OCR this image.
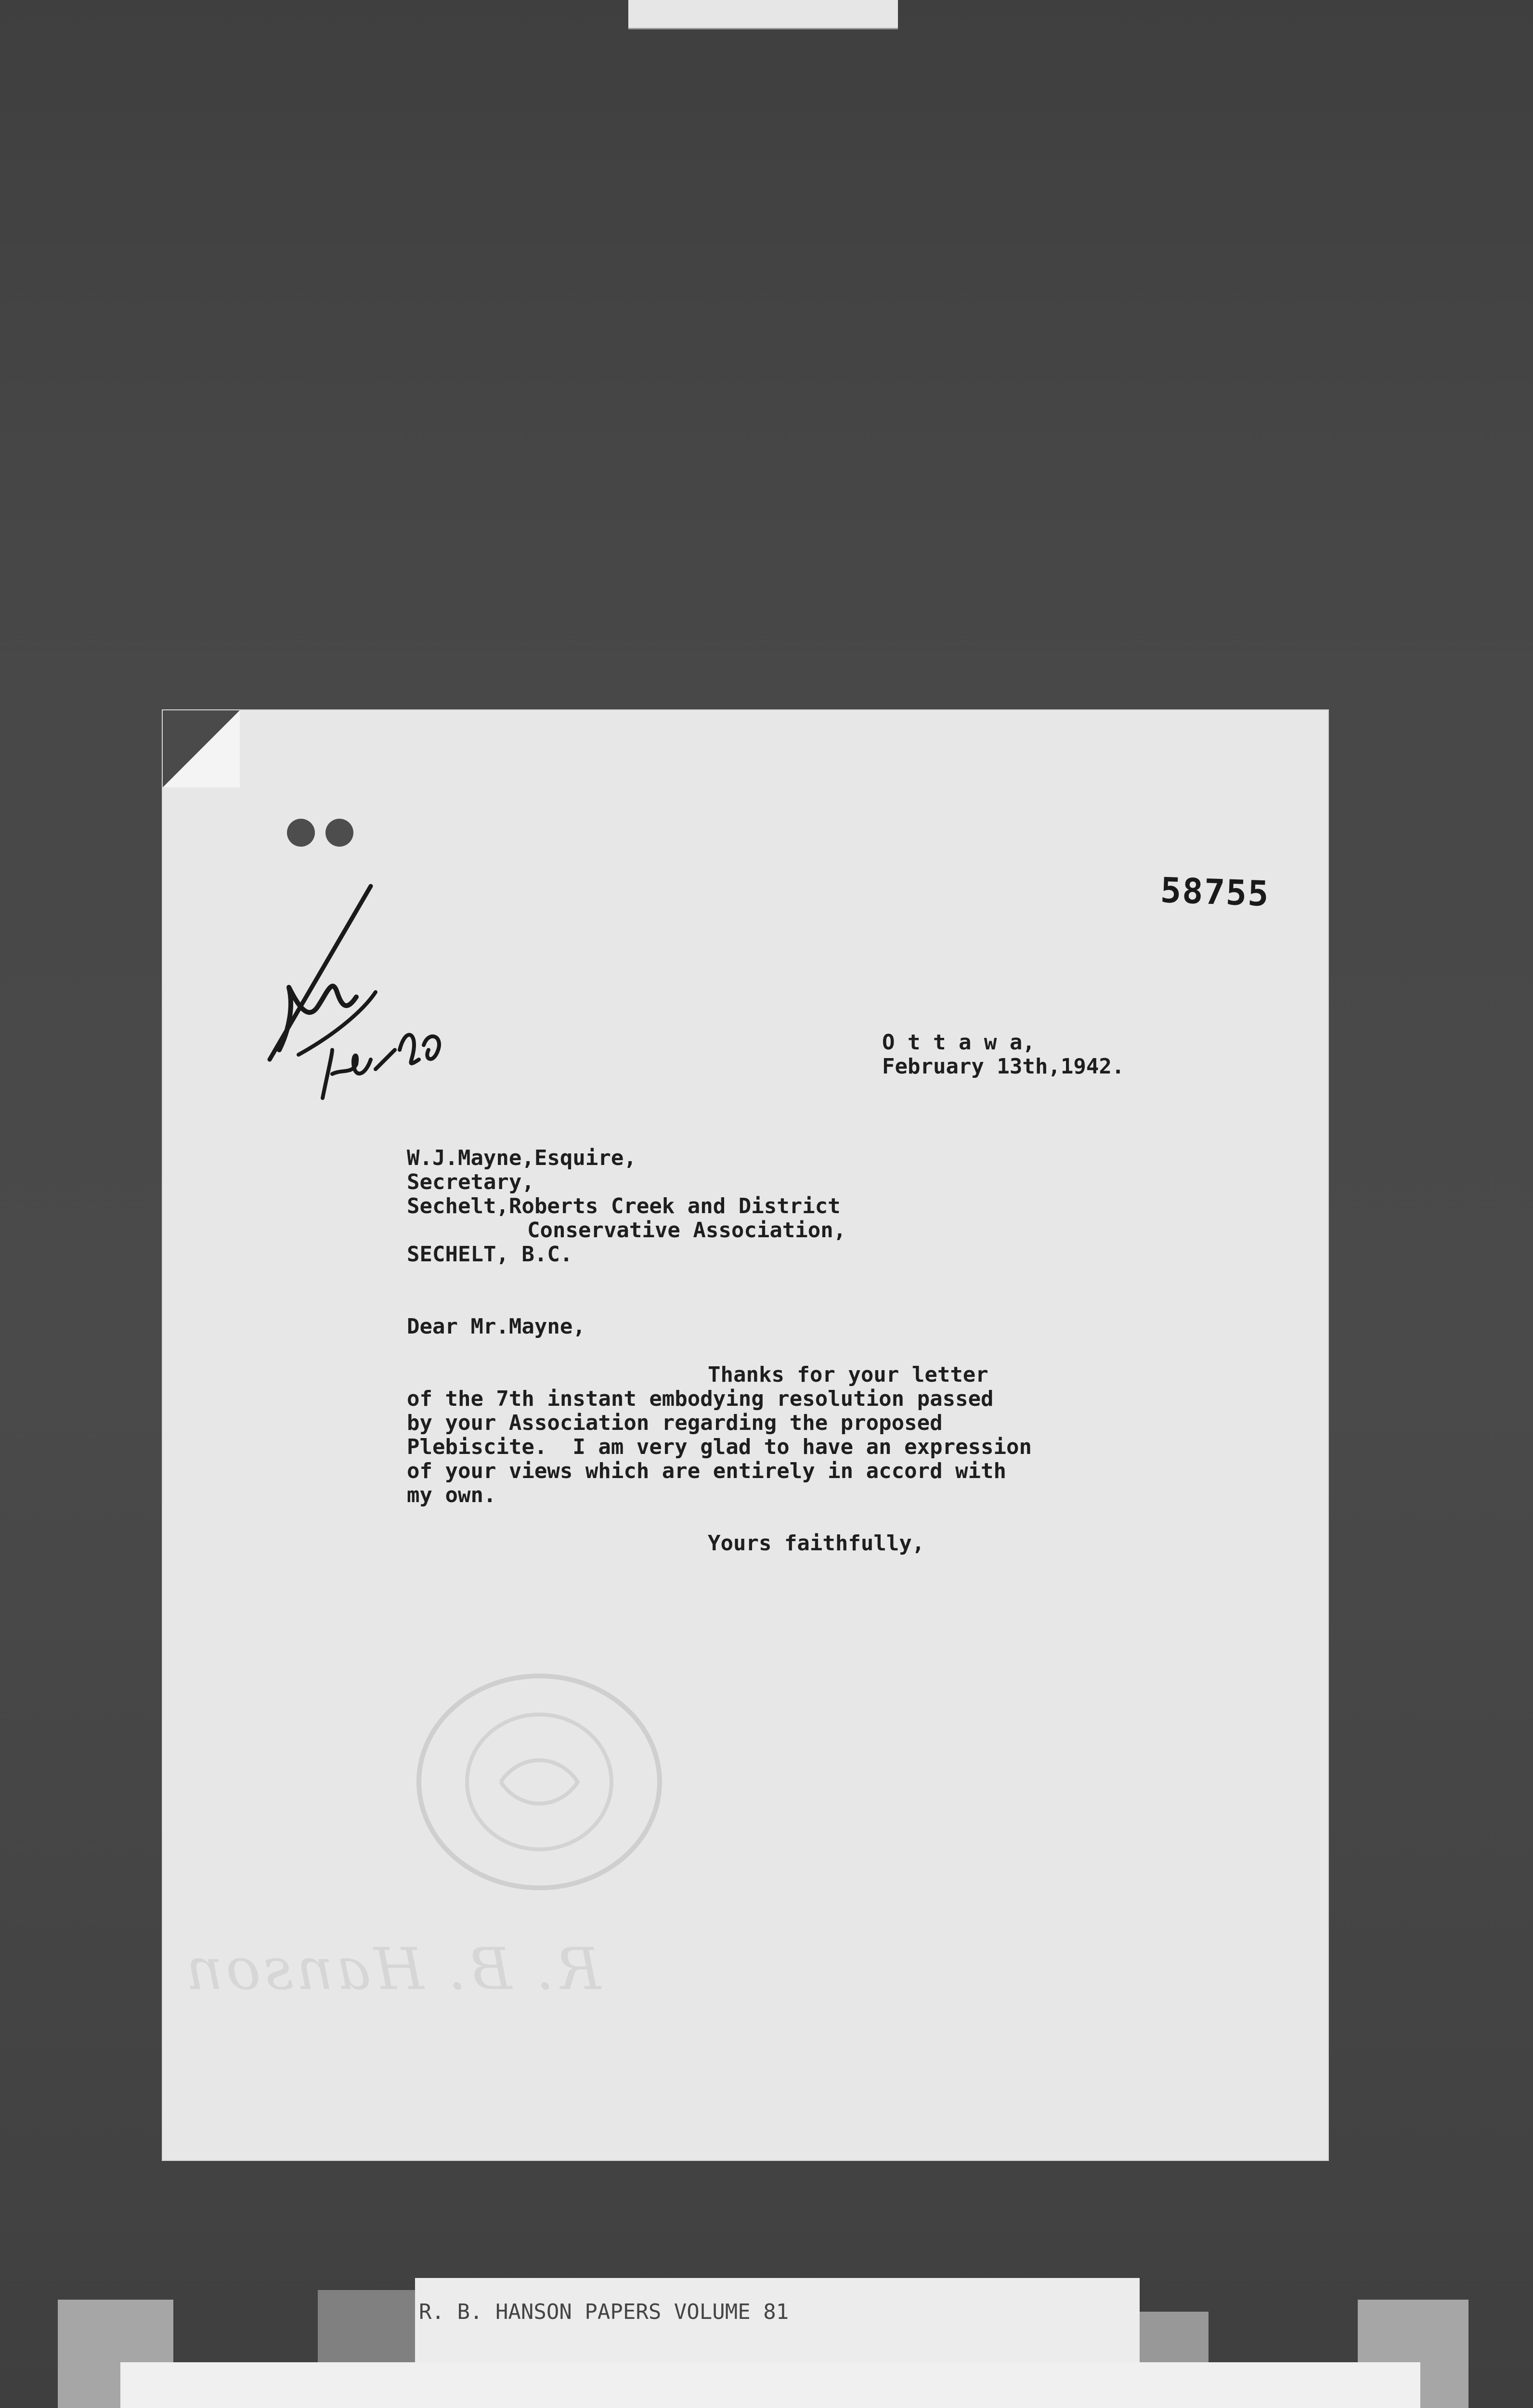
58755
O t t a w a,
February 13th,1942.
W.J.Mayne,Esquire,
Secretary,
Sechelt,Roberts Creek and District
Conservative Association,
SECHELT, B.C.
Dear Mr.Mayne,
Thanks for your letter
of the 7th instant embodying resolution passed
by your Association regarding the proposed
Plebiscite.  I am very glad to have an expression
of your views which are entirely in accord with
my own.
Yours faithfully,
R. B. Hanson
R. B. HANSON PAPERS VOLUME 81
